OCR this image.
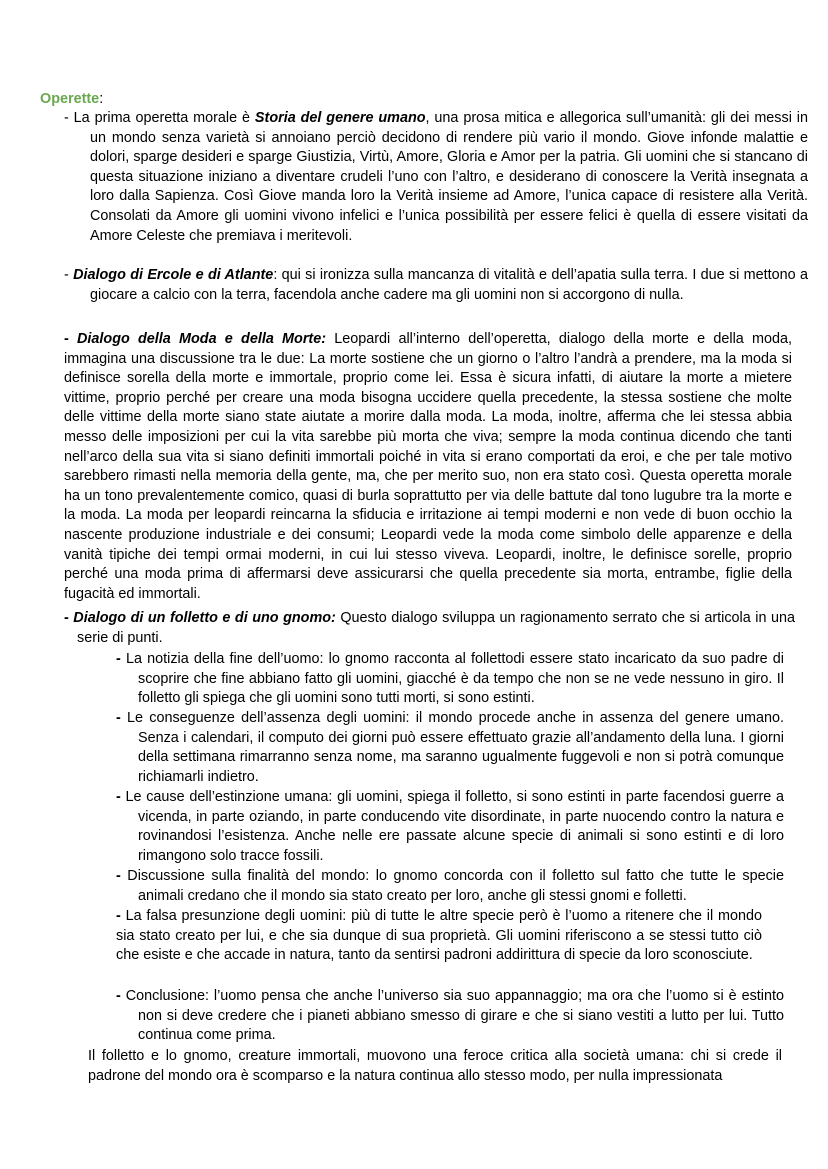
Operette:
- La prima operetta morale è Storia del genere umano, una prosa mitica e allegorica sull’umanità: gli dei messi in un mondo senza varietà si annoiano perciò decidono di rendere più vario il mondo. Giove infonde malattie e dolori, sparge desideri e sparge Giustizia, Virtù, Amore, Gloria e Amor per la patria. Gli uomini che si stancano di questa situazione iniziano a diventare crudeli l’uno con l’altro, e desiderano di conoscere la Verità insegnata a loro dalla Sapienza. Così Giove manda loro la Verità insieme ad Amore, l’unica capace di resistere alla Verità. Consolati da Amore gli uomini vivono infelici e l’unica possibilità per essere felici è quella di essere visitati da Amore Celeste che premiava i meritevoli.
- Dialogo di Ercole e di Atlante: qui si ironizza sulla mancanza di vitalità e dell’apatia sulla terra. I due si mettono a giocare a calcio con la terra, facendola anche cadere ma gli uomini non si accorgono di nulla.
- Dialogo della Moda e della Morte: Leopardi all’interno dell’operetta, dialogo della morte e della moda, immagina una discussione tra le due: La morte sostiene che un giorno o l’altro l’andrà a prendere, ma la moda si definisce sorella della morte e immortale, proprio come lei. Essa è sicura infatti, di aiutare la morte a mietere vittime, proprio perché per creare una moda bisogna uccidere quella precedente, la stessa sostiene che molte delle vittime della morte siano state aiutate a morire dalla moda. La moda, inoltre, afferma che lei stessa abbia messo delle imposizioni per cui la vita sarebbe più morta che viva; sempre la moda continua dicendo che tanti nell’arco della sua vita si siano definiti immortali poiché in vita si erano comportati da eroi, e che per tale motivo sarebbero rimasti nella memoria della gente, ma, che per merito suo, non era stato così. Questa operetta morale ha un tono prevalentemente comico, quasi di burla soprattutto per via delle battute dal tono lugubre tra la morte e la moda. La moda per leopardi reincarna la sfiducia e irritazione ai tempi moderni e non vede di buon occhio la nascente produzione industriale e dei consumi; Leopardi vede la moda come simbolo delle apparenze e della vanità tipiche dei tempi ormai moderni, in cui lui stesso viveva. Leopardi, inoltre, le definisce sorelle, proprio perché una moda prima di affermarsi deve assicurarsi che quella precedente sia morta, entrambe, figlie della fugacità ed immortali.
- Dialogo di un folletto e di uno gnomo: Questo dialogo sviluppa un ragionamento serrato che si articola in una serie di punti.
- La notizia della fine dell’uomo: lo gnomo racconta al follettodi essere stato incaricato da suo padre di scoprire che fine abbiano fatto gli uomini, giacché è da tempo che non se ne vede nessuno in giro. Il folletto gli spiega che gli uomini sono tutti morti, si sono estinti.
- Le conseguenze dell’assenza degli uomini: il mondo procede anche in assenza del genere umano. Senza i calendari, il computo dei giorni può essere effettuato grazie all’andamento della luna. I giorni della settimana rimarranno senza nome, ma saranno ugualmente fuggevoli e non si potrà comunque richiamarli indietro.
- Le cause dell’estinzione umana: gli uomini, spiega il folletto, si sono estinti in parte facendosi guerre a vicenda, in parte oziando, in parte conducendo vite disordinate, in parte nuocendo contro la natura e rovinandosi l’esistenza. Anche nelle ere passate alcune specie di animali si sono estinti e di loro rimangono solo tracce fossili.
- Discussione sulla finalità del mondo: lo gnomo concorda con il folletto sul fatto che tutte le specie animali credano che il mondo sia stato creato per loro, anche gli stessi gnomi e folletti.
- La falsa presunzione degli uomini: più di tutte le altre specie però è l’uomo a ritenere che il mondo sia stato creato per lui, e che sia dunque di sua proprietà. Gli uomini riferiscono a se stessi tutto ciò che esiste e che accade in natura, tanto da sentirsi padroni addirittura di specie da loro sconosciute.
- Conclusione: l’uomo pensa che anche l’universo sia suo appannaggio; ma ora che l’uomo si è estinto non si deve credere che i pianeti abbiano smesso di girare e che si siano vestiti a lutto per lui. Tutto continua come prima.
Il folletto e lo gnomo, creature immortali, muovono una feroce critica alla società umana: chi si crede il padrone del mondo ora è scomparso e la natura continua allo stesso modo, per nulla impressionata
